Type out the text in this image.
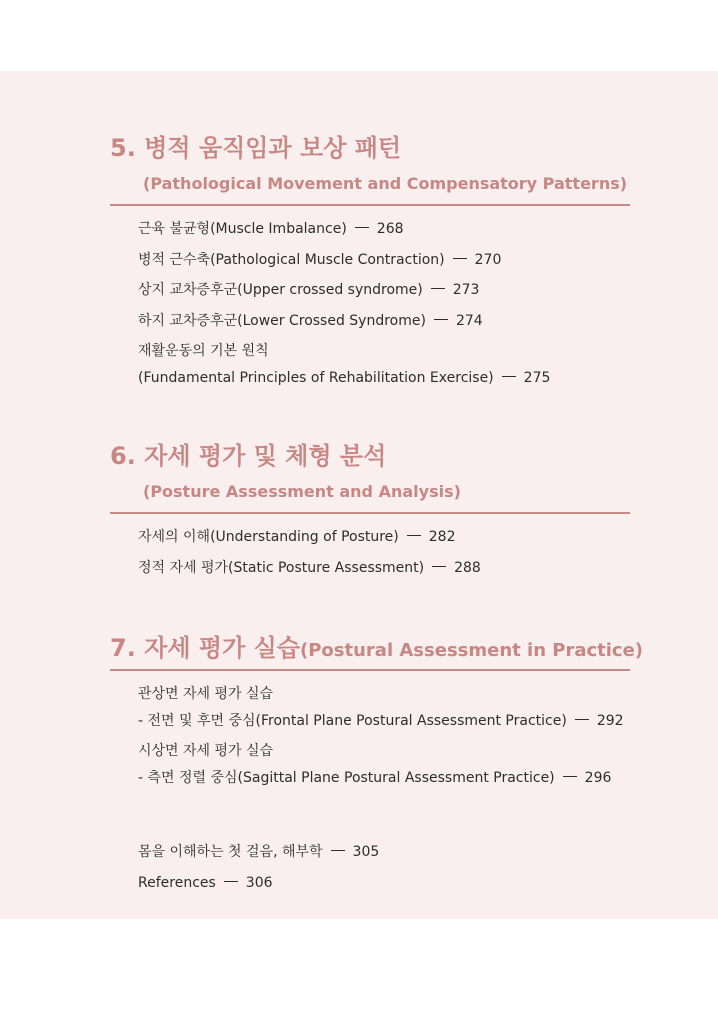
5. 병적 움직임과 보상 패턴
(Pathological Movement and Compensatory Patterns)
근육 불균형(Muscle Imbalance) 268
병적 근수축(Pathological Muscle Contraction) 270
상지 교차증후군(Upper crossed syndrome) 273
하지 교차증후군(Lower Crossed Syndrome) 274
재활운동의 기본 원칙
(Fundamental Principles of Rehabilitation Exercise) 275
6. 자세 평가 및 체형 분석
(Posture Assessment and Analysis)
자세의 이해(Understanding of Posture) 282
정적 자세 평가(Static Posture Assessment) 288
7. 자세 평가 실습(Postural Assessment in Practice)
관상면 자세 평가 실습
- 전면 및 후면 중심(Frontal Plane Postural Assessment Practice) 292
시상면 자세 평가 실습
- 측면 정렬 중심(Sagittal Plane Postural Assessment Practice) 296
몸을 이해하는 첫 걸음, 해부학 305
References 306
